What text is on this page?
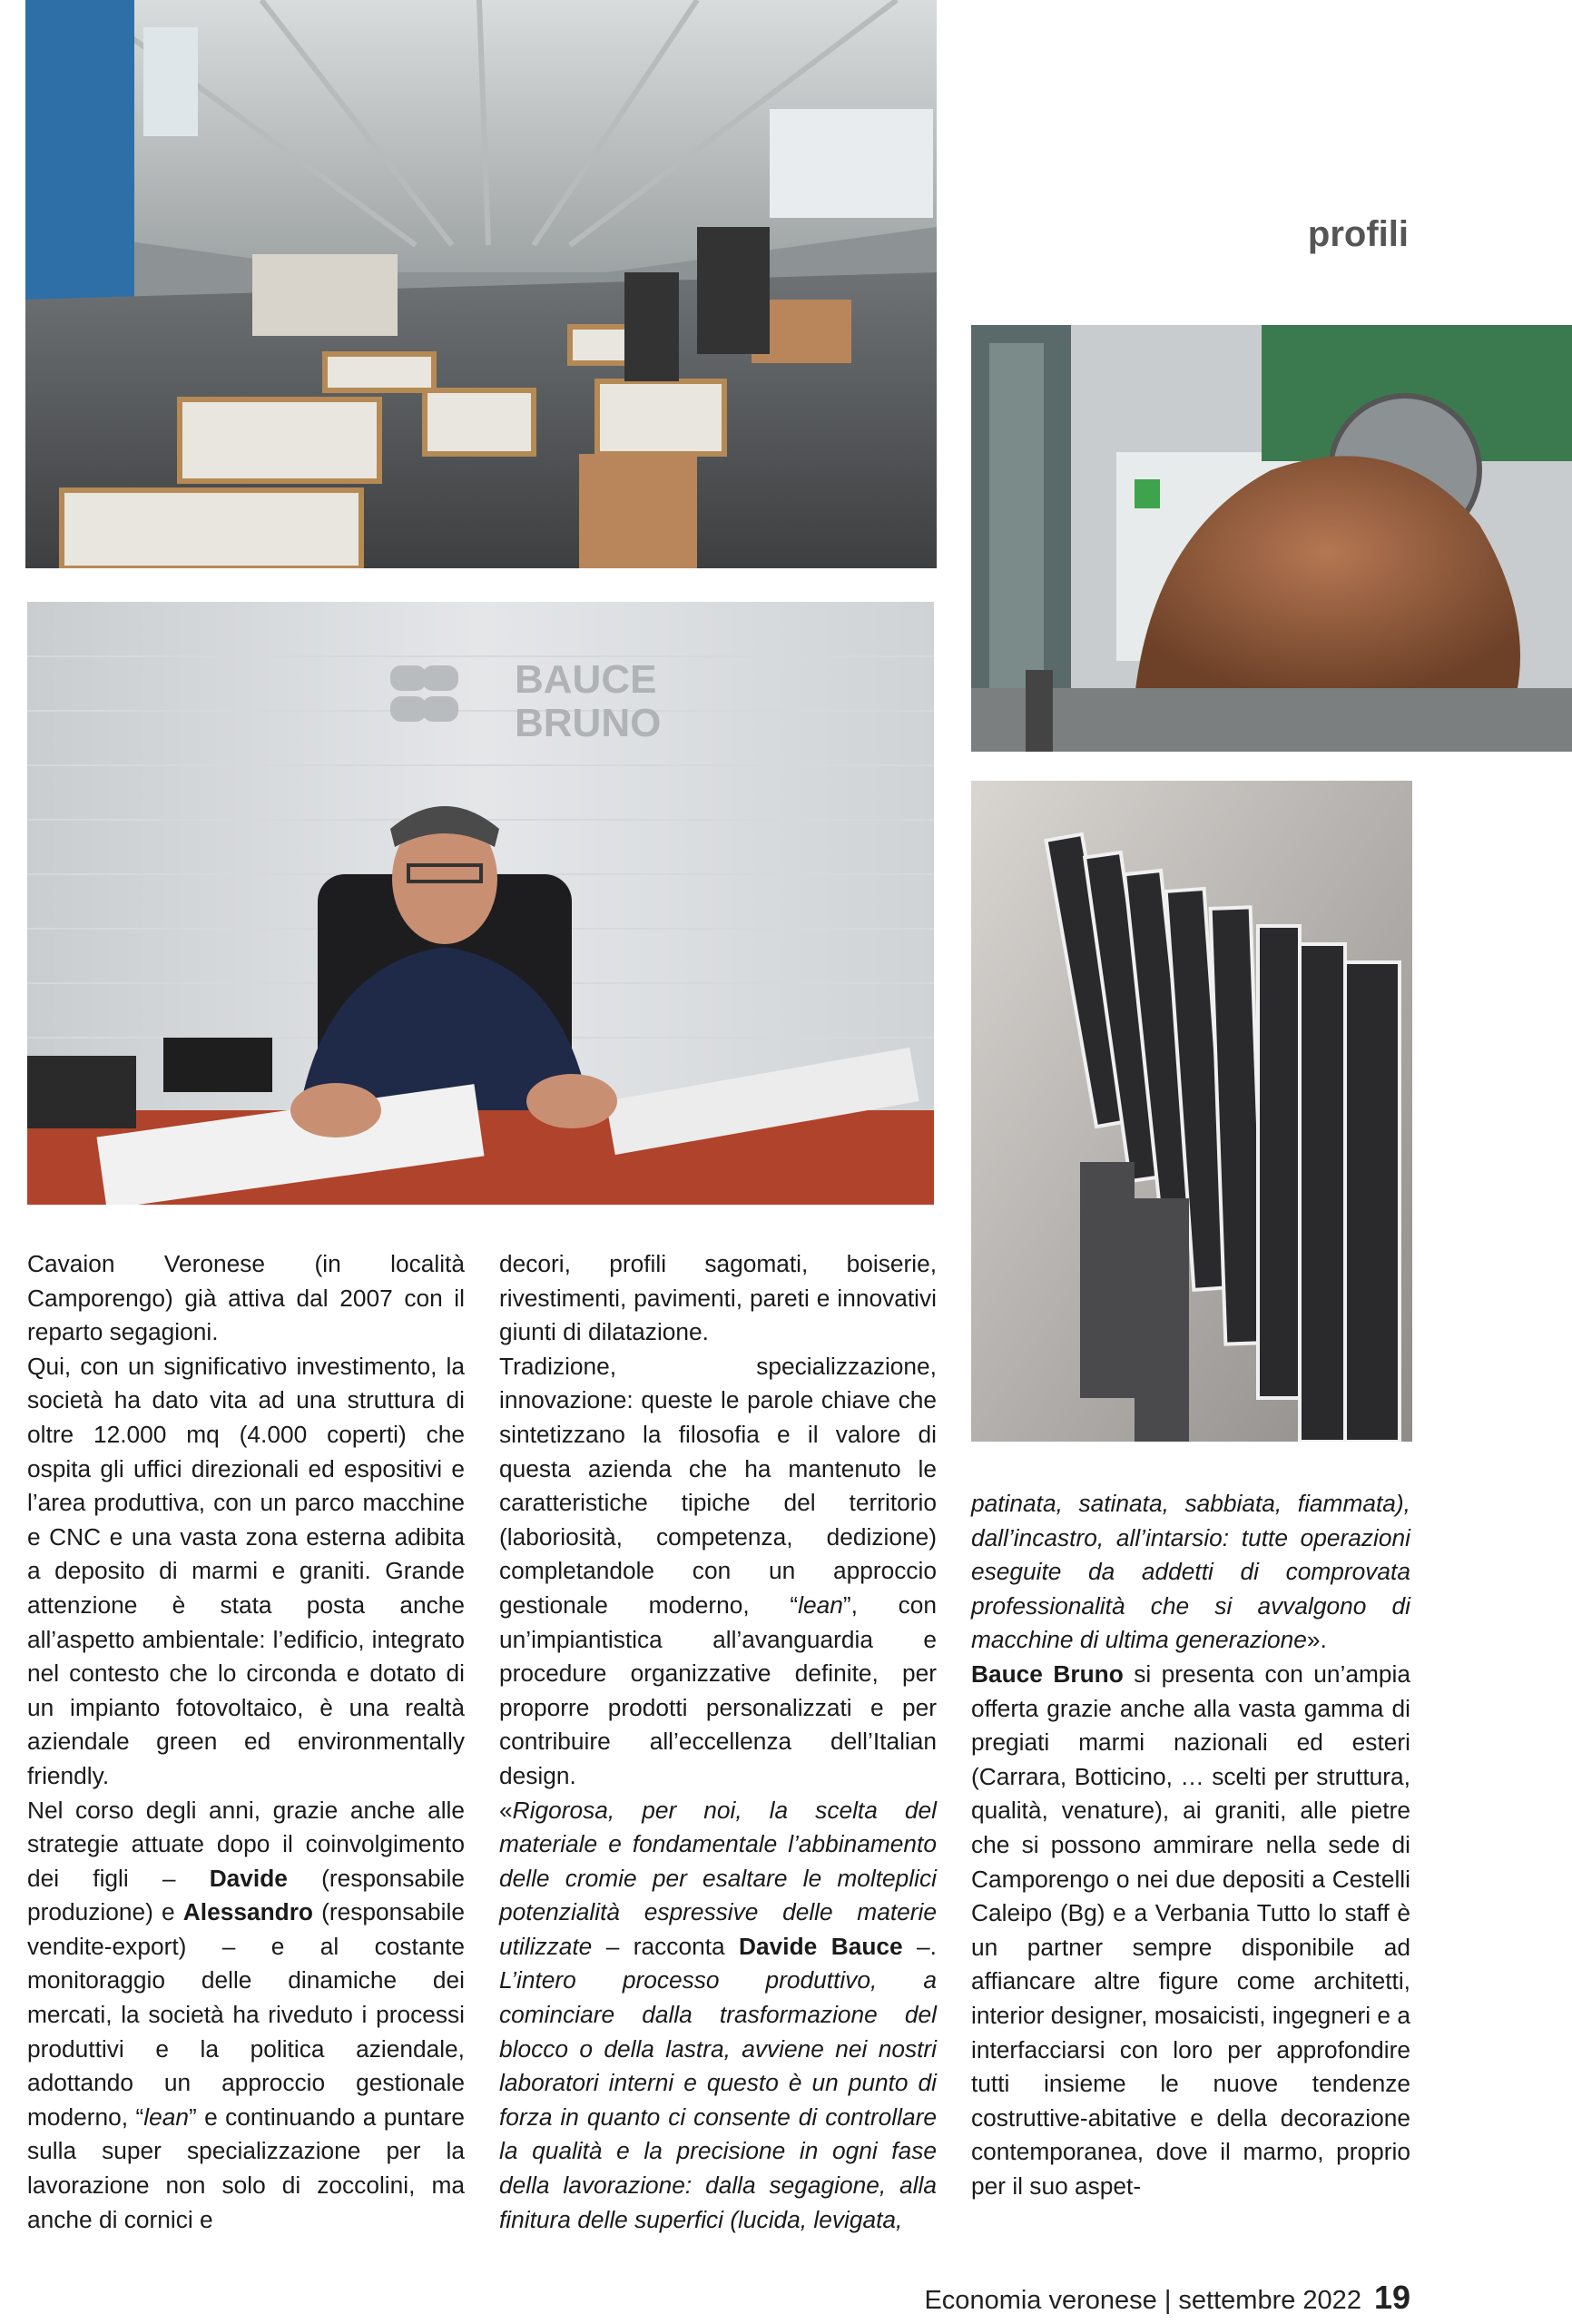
profili
BAUCE
BRUNO

Cavaion Veronese (in località Camporengo) già attiva dal 2007 con il reparto segagioni.

Qui, con un significativo investimento, la società ha dato vita ad una struttura di oltre 12.000 mq (4.000 coperti) che ospita gli uffici direzionali ed espositivi e l’area produttiva, con un parco macchine e CNC e una vasta zona esterna adibita a deposito di marmi e graniti. Grande attenzione è stata posta anche all’aspetto ambientale: l’edificio, integrato nel contesto che lo circonda e dotato di un impianto fotovoltaico, è una realtà aziendale green ed environmentally friendly.

Nel corso degli anni, grazie anche alle strategie attuate dopo il coinvolgimento dei figli – Davide (responsabile produzione) e Alessandro (responsabile vendite-export) – e al costante monitoraggio delle dinamiche dei mercati, la società ha riveduto i processi produttivi e la politica aziendale, adottando un approccio gestionale moderno, “lean” e continuando a puntare sulla super specializzazione per la lavorazione non solo di zoccolini, ma anche di cornici e

decori, profili sagomati, boiserie, rivestimenti, pavimenti, pareti e innovativi giunti di dilatazione.

Tradizione, specializzazione, innovazione: queste le parole chiave che sintetizzano la filosofia e il valore di questa azienda che ha mantenuto le caratteristiche tipiche del territorio (laboriosità, competenza, dedizione) completandole con un approccio gestionale moderno, “lean”, con un’impiantistica all’avanguardia e procedure organizzative definite, per proporre prodotti personalizzati e per contribuire all’eccellenza dell’Italian design.

«Rigorosa, per noi, la scelta del materiale e fondamentale l’abbinamento delle cromie per esaltare le molteplici potenzialità espressive delle materie utilizzate – racconta Davide Bauce –. L’intero processo produttivo, a cominciare dalla trasformazione del blocco o della lastra, avviene nei nostri laboratori interni e questo è un punto di forza in quanto ci consente di controllare la qualità e la precisione in ogni fase della lavorazione: dalla segagione, alla finitura delle superfici (lucida, levigata,

patinata, satinata, sabbiata, fiammata), dall’incastro, all’intarsio: tutte operazioni eseguite da addetti di comprovata professionalità che si avvalgono di macchine di ultima generazione».

Bauce Bruno si presenta con un’ampia offerta grazie anche alla vasta gamma di pregiati marmi nazionali ed esteri (Carrara, Botticino, … scelti per struttura, qualità, venature), ai graniti, alle pietre che si possono ammirare nella sede di Camporengo o nei due depositi a Cestelli Caleipo (Bg) e a Verbania Tutto lo staff è un partner sempre disponibile ad affiancare altre figure come architetti, interior designer, mosaicisti, ingegneri e a interfacciarsi con loro per approfondire tutti insieme le nuove tendenze costruttive-abitative e della decorazione contemporanea, dove il marmo, proprio per il suo aspet-

Economia veronese | settembre 2022 19
